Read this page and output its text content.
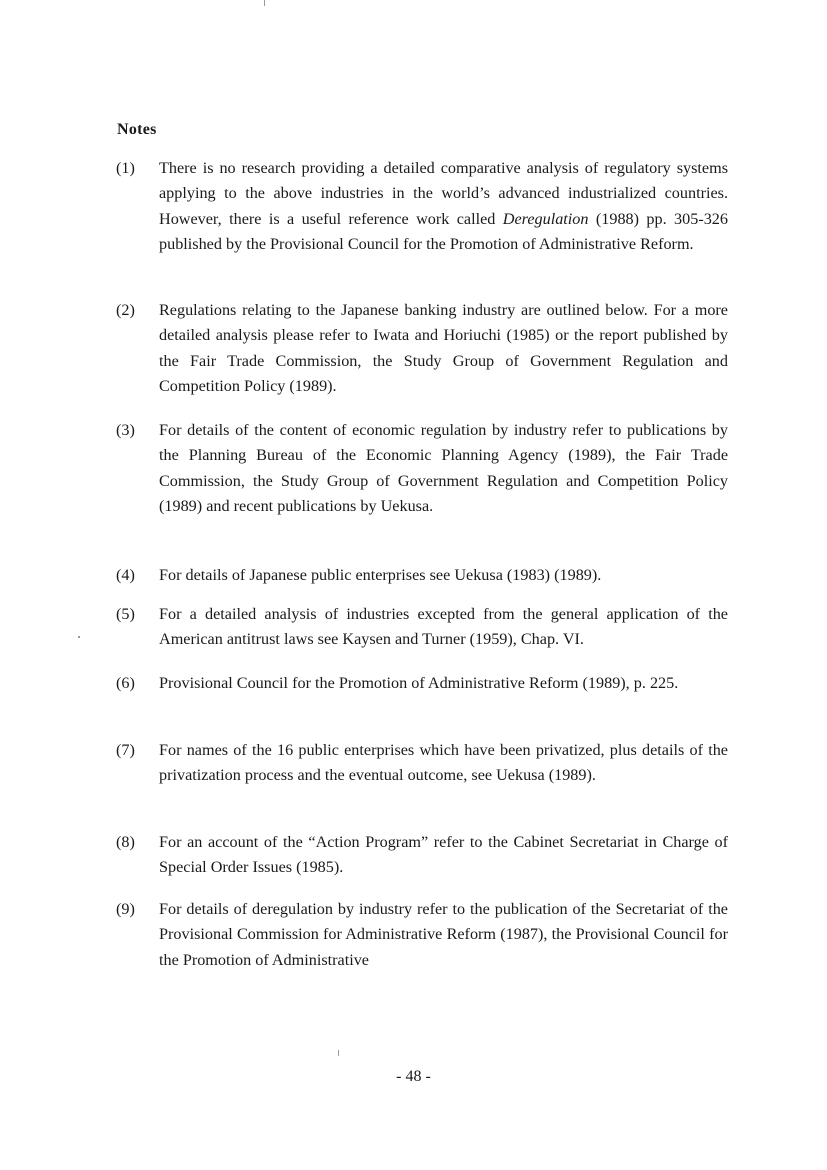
Notes
(1)	There is no research providing a detailed comparative analysis of regulatory systems applying to the above industries in the world’s advanced industrialized countries. However, there is a useful reference work called Deregulation (1988) pp. 305-326 published by the Provisional Council for the Promotion of Administrative Reform.
(2)	Regulations relating to the Japanese banking industry are outlined below. For a more detailed analysis please refer to Iwata and Horiuchi (1985) or the report published by the Fair Trade Commission, the Study Group of Government Regulation and Competition Policy (1989).
(3)	For details of the content of economic regulation by industry refer to publications by the Planning Bureau of the Economic Planning Agency (1989), the Fair Trade Commission, the Study Group of Government Regulation and Competition Policy (1989) and recent publications by Uekusa.
(4)	For details of Japanese public enterprises see Uekusa (1983) (1989).
(5)	For a detailed analysis of industries excepted from the general application of the American antitrust laws see Kaysen and Turner (1959), Chap. VI.
(6)	Provisional Council for the Promotion of Administrative Reform (1989), p. 225.
(7)	For names of the 16 public enterprises which have been privatized, plus details of the privatization process and the eventual outcome, see Uekusa (1989).
(8)	For an account of the “Action Program” refer to the Cabinet Secretariat in Charge of Special Order Issues (1985).
(9)	For details of deregulation by industry refer to the publication of the Secretariat of the Provisional Commission for Administrative Reform (1987), the Provisional Council for the Promotion of Administrative
- 48 -
